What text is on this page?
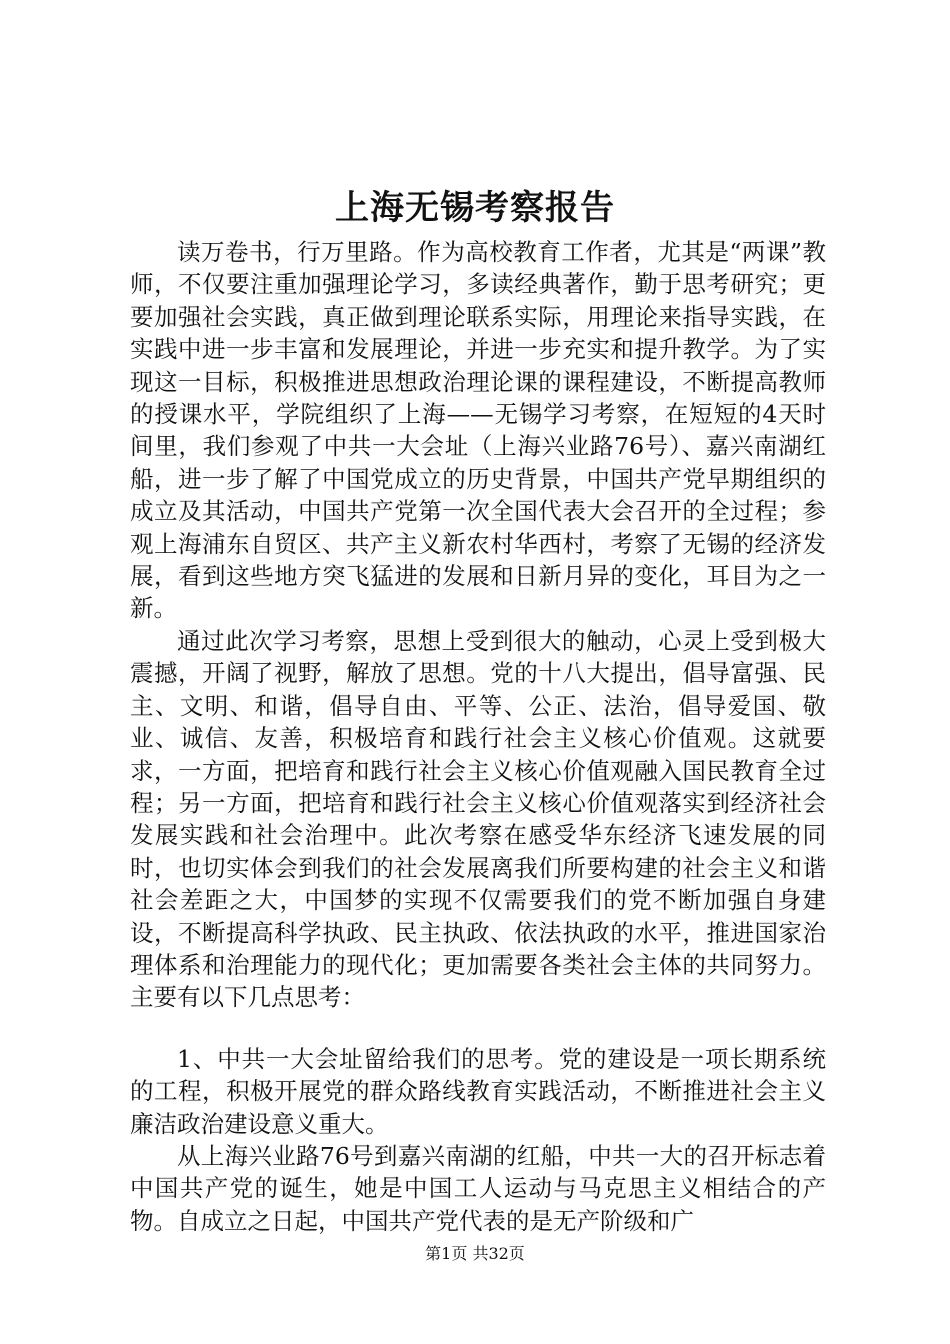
上海无锡考察报告

读万卷书，行万里路。作为高校教育工作者，尤其是“两课”教师，不仅要注重加强理论学习，多读经典著作，勤于思考研究；更要加强社会实践，真正做到理论联系实际，用理论来指导实践，在实践中进一步丰富和发展理论，并进一步充实和提升教学。为了实现这一目标，积极推进思想政治理论课的课程建设，不断提高教师的授课水平，学院组织了上海——无锡学习考察，在短短的4天时间里，我们参观了中共一大会址（上海兴业路76号）、嘉兴南湖红船，进一步了解了中国党成立的历史背景，中国共产党早期组织的成立及其活动，中国共产党第一次全国代表大会召开的全过程；参观上海浦东自贸区、共产主义新农村华西村，考察了无锡的经济发展，看到这些地方突飞猛进的发展和日新月异的变化，耳目为之一新。

通过此次学习考察，思想上受到很大的触动，心灵上受到极大震撼，开阔了视野，解放了思想。党的十八大提出，倡导富强、民主、文明、和谐，倡导自由、平等、公正、法治，倡导爱国、敬业、诚信、友善，积极培育和践行社会主义核心价值观。这就要求，一方面，把培育和践行社会主义核心价值观融入国民教育全过程；另一方面，把培育和践行社会主义核心价值观落实到经济社会发展实践和社会治理中。此次考察在感受华东经济飞速发展的同时，也切实体会到我们的社会发展离我们所要构建的社会主义和谐社会差距之大，中国梦的实现不仅需要我们的党不断加强自身建设，不断提高科学执政、民主执政、依法执政的水平，推进国家治理体系和治理能力的现代化；更加需要各类社会主体的共同努力。主要有以下几点思考：

1、中共一大会址留给我们的思考。党的建设是一项长期系统的工程，积极开展党的群众路线教育实践活动，不断推进社会主义廉洁政治建设意义重大。

从上海兴业路76号到嘉兴南湖的红船，中共一大的召开标志着中国共产党的诞生，她是中国工人运动与马克思主义相结合的产物。自成立之日起，中国共产党代表的是无产阶级和广

第1页 共32页
